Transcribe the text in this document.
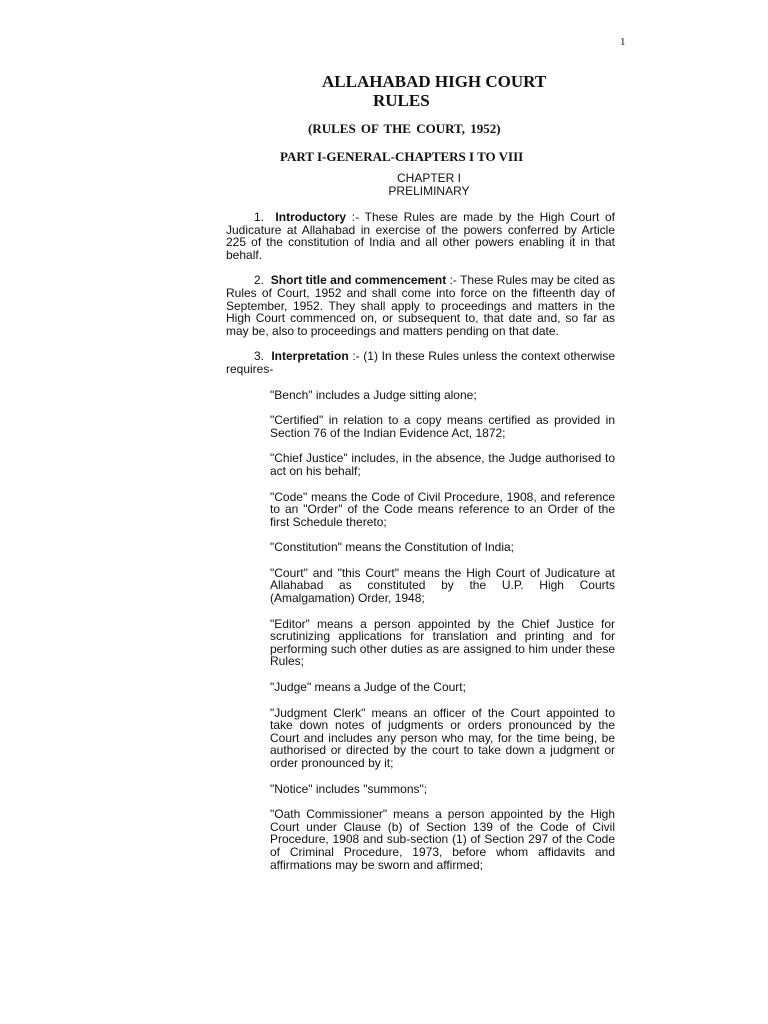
1
ALLAHABAD HIGH COURT
RULES
(RULES OF THE COURT, 1952)
PART I-GENERAL-CHAPTERS I TO VIII
CHAPTER I
PRELIMINARY

1. Introductory :- These Rules are made by the High Court of Judicature at Allahabad in exercise of the powers conferred by Article 225 of the constitution of India and all other powers enabling it in that behalf.

2. Short title and commencement :- These Rules may be cited as Rules of Court, 1952 and shall come into force on the fifteenth day of September, 1952. They shall apply to proceedings and matters in the High Court commenced on, or subsequent to, that date and, so far as may be, also to proceedings and matters pending on that date.

3. Interpretation :- (1) In these Rules unless the context otherwise requires-

"Bench" includes a Judge sitting alone;

"Certified" in relation to a copy means certified as provided in Section 76 of the Indian Evidence Act, 1872;

"Chief Justice" includes, in the absence, the Judge authorised to act on his behalf;

"Code" means the Code of Civil Procedure, 1908, and reference to an "Order" of the Code means reference to an Order of the first Schedule thereto;

"Constitution" means the Constitution of India;

"Court" and "this Court" means the High Court of Judicature at Allahabad as constituted by the U.P. High Courts (Amalgamation) Order, 1948;

"Editor" means a person appointed by the Chief Justice for scrutinizing applications for translation and printing and for performing such other duties as are assigned to him under these Rules;

"Judge" means a Judge of the Court;

"Judgment Clerk" means an officer of the Court appointed to take down notes of judgments or orders pronounced by the Court and includes any person who may, for the time being, be authorised or directed by the court to take down a judgment or order pronounced by it;

"Notice" includes "summons";

"Oath Commissioner" means a person appointed by the High Court under Clause (b) of Section 139 of the Code of Civil Procedure, 1908 and sub-section (1) of Section 297 of the Code of Criminal Procedure, 1973, before whom affidavits and affirmations may be sworn and affirmed;
